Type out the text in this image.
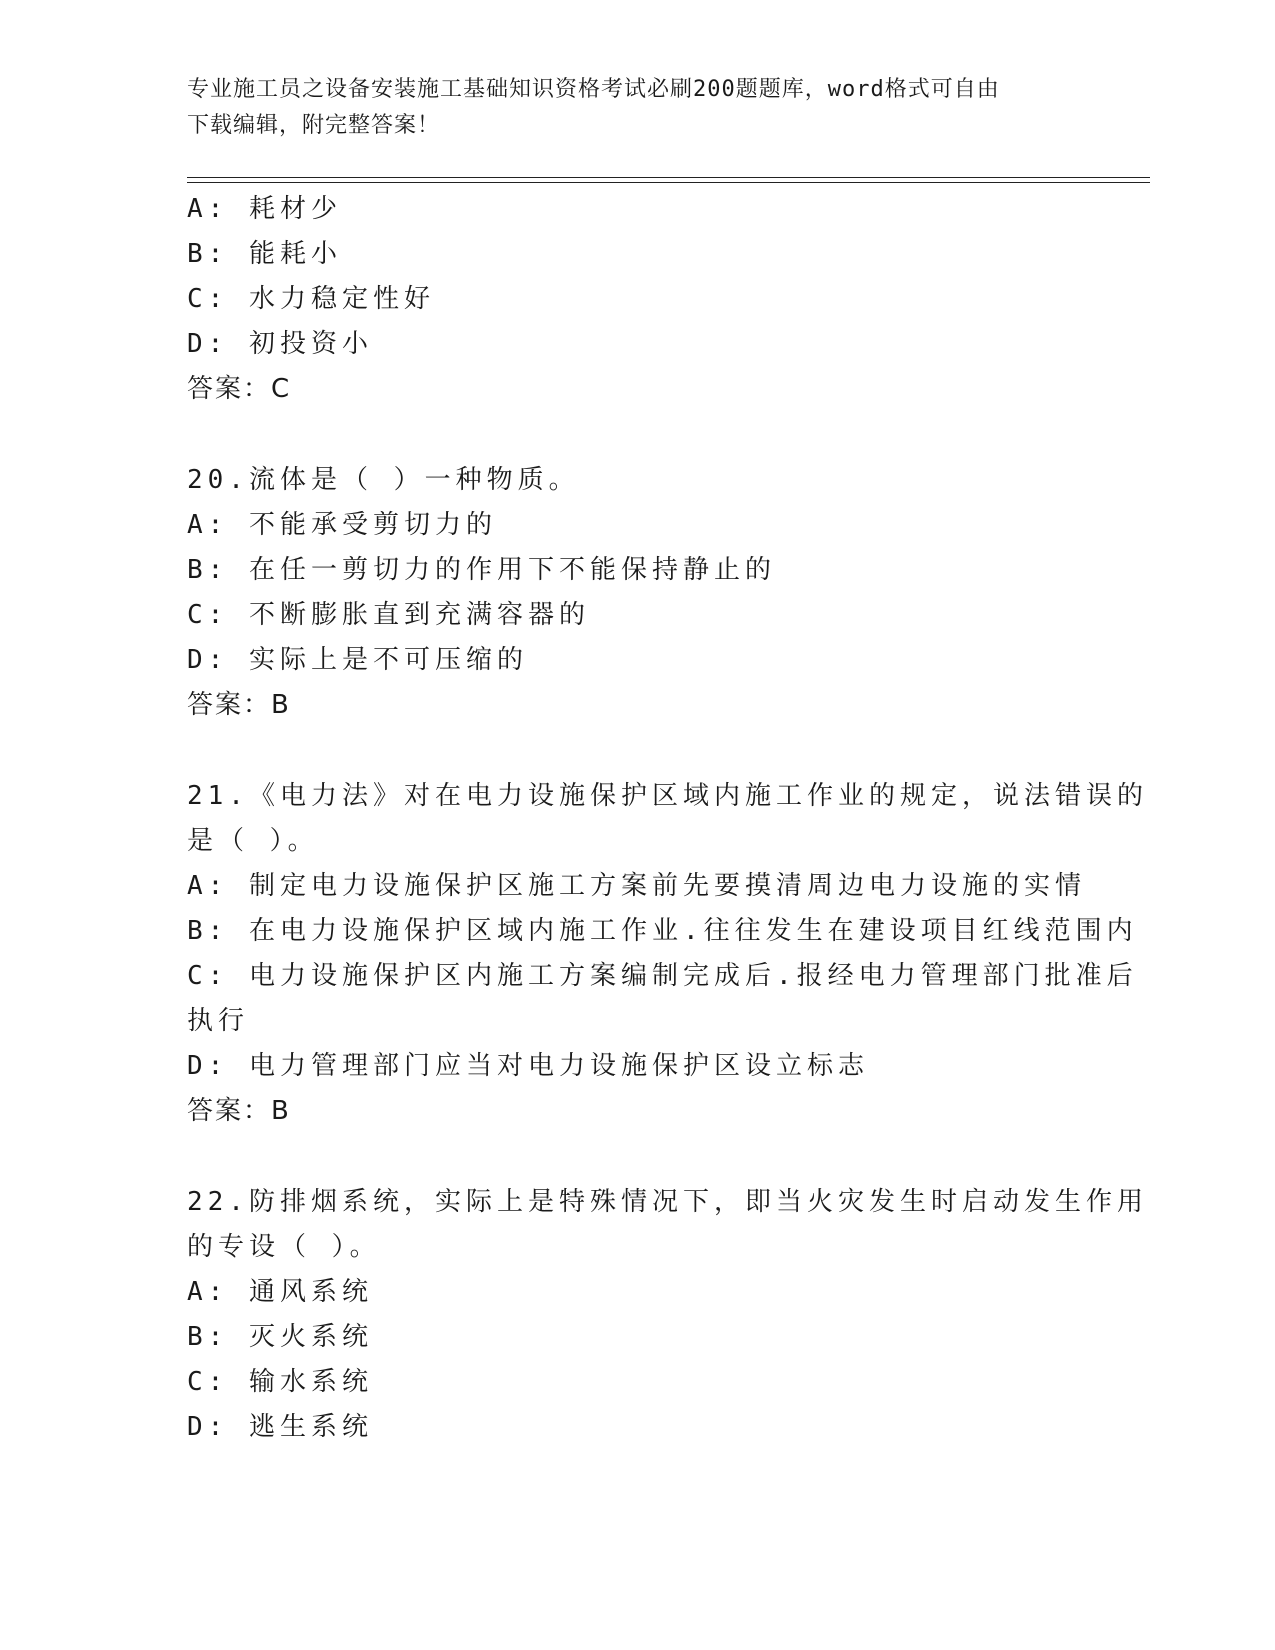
专业施工员之设备安装施工基础知识资格考试必刷200题题库，word格式可自由
下载编辑，附完整答案！
A: 耗材少
B: 能耗小
C: 水力稳定性好
D: 初投资小
答案：C
20.流体是（ ）一种物质。
A: 不能承受剪切力的
B: 在任一剪切力的作用下不能保持静止的
C: 不断膨胀直到充满容器的
D: 实际上是不可压缩的
答案：B
21.《电力法》对在电力设施保护区域内施工作业的规定，说法错误的
是（ ）。
A: 制定电力设施保护区施工方案前先要摸清周边电力设施的实情
B: 在电力设施保护区域内施工作业.往往发生在建设项目红线范围内
C: 电力设施保护区内施工方案编制完成后.报经电力管理部门批准后
执行
D: 电力管理部门应当对电力设施保护区设立标志
答案：B
22.防排烟系统，实际上是特殊情况下，即当火灾发生时启动发生作用
的专设（ ）。
A: 通风系统
B: 灭火系统
C: 输水系统
D: 逃生系统
